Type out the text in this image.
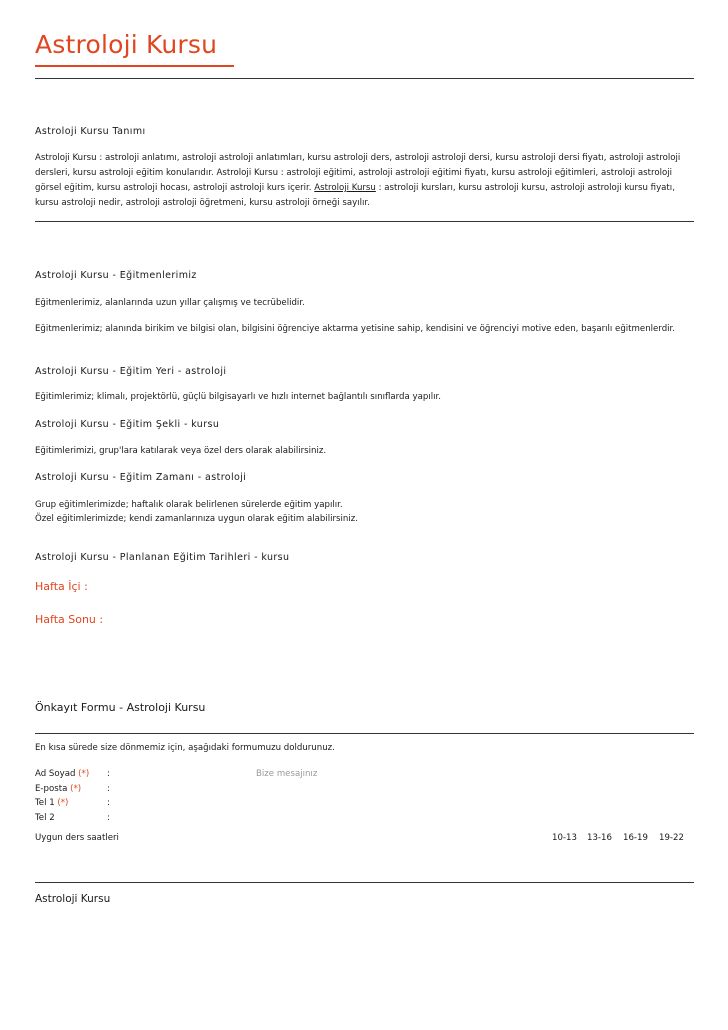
Astroloji Kursu
Astroloji Kursu Tanımı
Astroloji Kursu : astroloji anlatımı, astroloji astroloji anlatımları, kursu astroloji ders, astroloji astroloji dersi, kursu astroloji dersi fiyatı, astroloji astroloji dersleri, kursu astroloji eğitim konularıdır. Astroloji Kursu : astroloji eğitimi, astroloji astroloji eğitimi fiyatı, kursu astroloji eğitimleri, astroloji astroloji görsel eğitim, kursu astroloji hocası, astroloji astroloji kurs içerir. Astroloji Kursu : astroloji kursları, kursu astroloji kursu, astroloji astroloji kursu fiyatı, kursu astroloji nedir, astroloji astroloji öğretmeni, kursu astroloji örneği sayılır.
Astroloji Kursu - Eğitmenlerimiz
Eğitmenlerimiz, alanlarında uzun yıllar çalışmış ve tecrübelidir.
Eğitmenlerimiz; alanında birikim ve bilgisi olan, bilgisini öğrenciye aktarma yetisine sahip, kendisini ve öğrenciyi motive eden, başarılı eğitmenlerdir.
Astroloji Kursu - Eğitim Yeri - astroloji
Eğitimlerimiz; klimalı, projektörlü, güçlü bilgisayarlı ve hızlı internet bağlantılı sınıflarda yapılır.
Astroloji Kursu - Eğitim Şekli - kursu
Eğitimlerimizi, grup'lara katılarak veya özel ders olarak alabilirsiniz.
Astroloji Kursu - Eğitim Zamanı - astroloji
Grup eğitimlerimizde; haftalık olarak belirlenen sürelerde eğitim yapılır.
Özel eğitimlerimizde; kendi zamanlarınıza uygun olarak eğitim alabilirsiniz.
Astroloji Kursu - Planlanan Eğitim Tarihleri - kursu
Hafta İçi :
Hafta Sonu :
Önkayıt Formu - Astroloji Kursu
En kısa sürede size dönmemiz için, aşağıdaki formumuzu doldurunuz.
Ad Soyad (*) :	Bize mesajınız
E-posta (*)	:
Tel 1 (*)	:
Tel 2	:
Uygun ders saatleri	10-13 13-16 16-19 19-22
Astroloji Kursu
